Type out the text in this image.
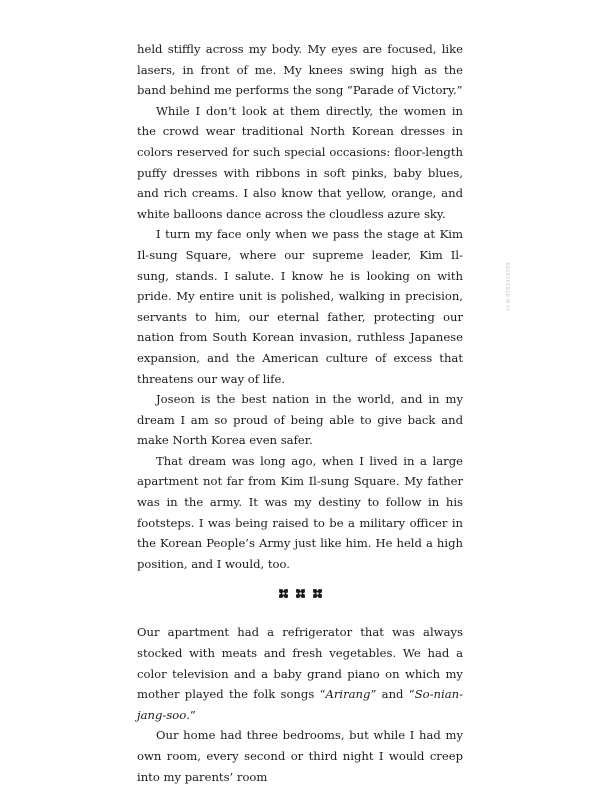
held stiffly across my body. My eyes are focused, like lasers, in front of me. My knees swing high as the band behind me performs the song “Parade of Victory.”

While I don’t look at them directly, the women in the crowd wear traditional North Korean dresses in colors reserved for such special occasions: floor-length puffy dresses with ribbons in soft pinks, baby blues, and rich creams. I also know that yellow, orange, and white balloons dance across the cloudless azure sky.

I turn my face only when we pass the stage at Kim Il-sung Square, where our supreme leader, Kim Il-sung, stands. I salute. I know he is looking on with pride. My entire unit is polished, walking in precision, servants to him, our eternal father, protecting our nation from South Korean invasion, ruthless Japanese expansion, and the American culture of excess that threatens our way of life.

Joseon is the best nation in the world, and in my dream I am so proud of being able to give back and make North Korea even safer.

That dream was long ago, when I lived in a large apartment not far from Kim Il-sung Square. My father was in the army. It was my destiny to follow in his footsteps. I was being raised to be a military officer in the Korean People’s Army just like him. He held a high position, and I would, too.

Our apartment had a refrigerator that was always stocked with meats and fresh vegetables. We had a color television and a baby grand piano on which my mother played the folk songs “Arirang” and “So-nian-jang-soo.”

Our home had three bedrooms, but while I had my own room, every second or third night I would creep into my parents’ room

VI-M-9781476789
